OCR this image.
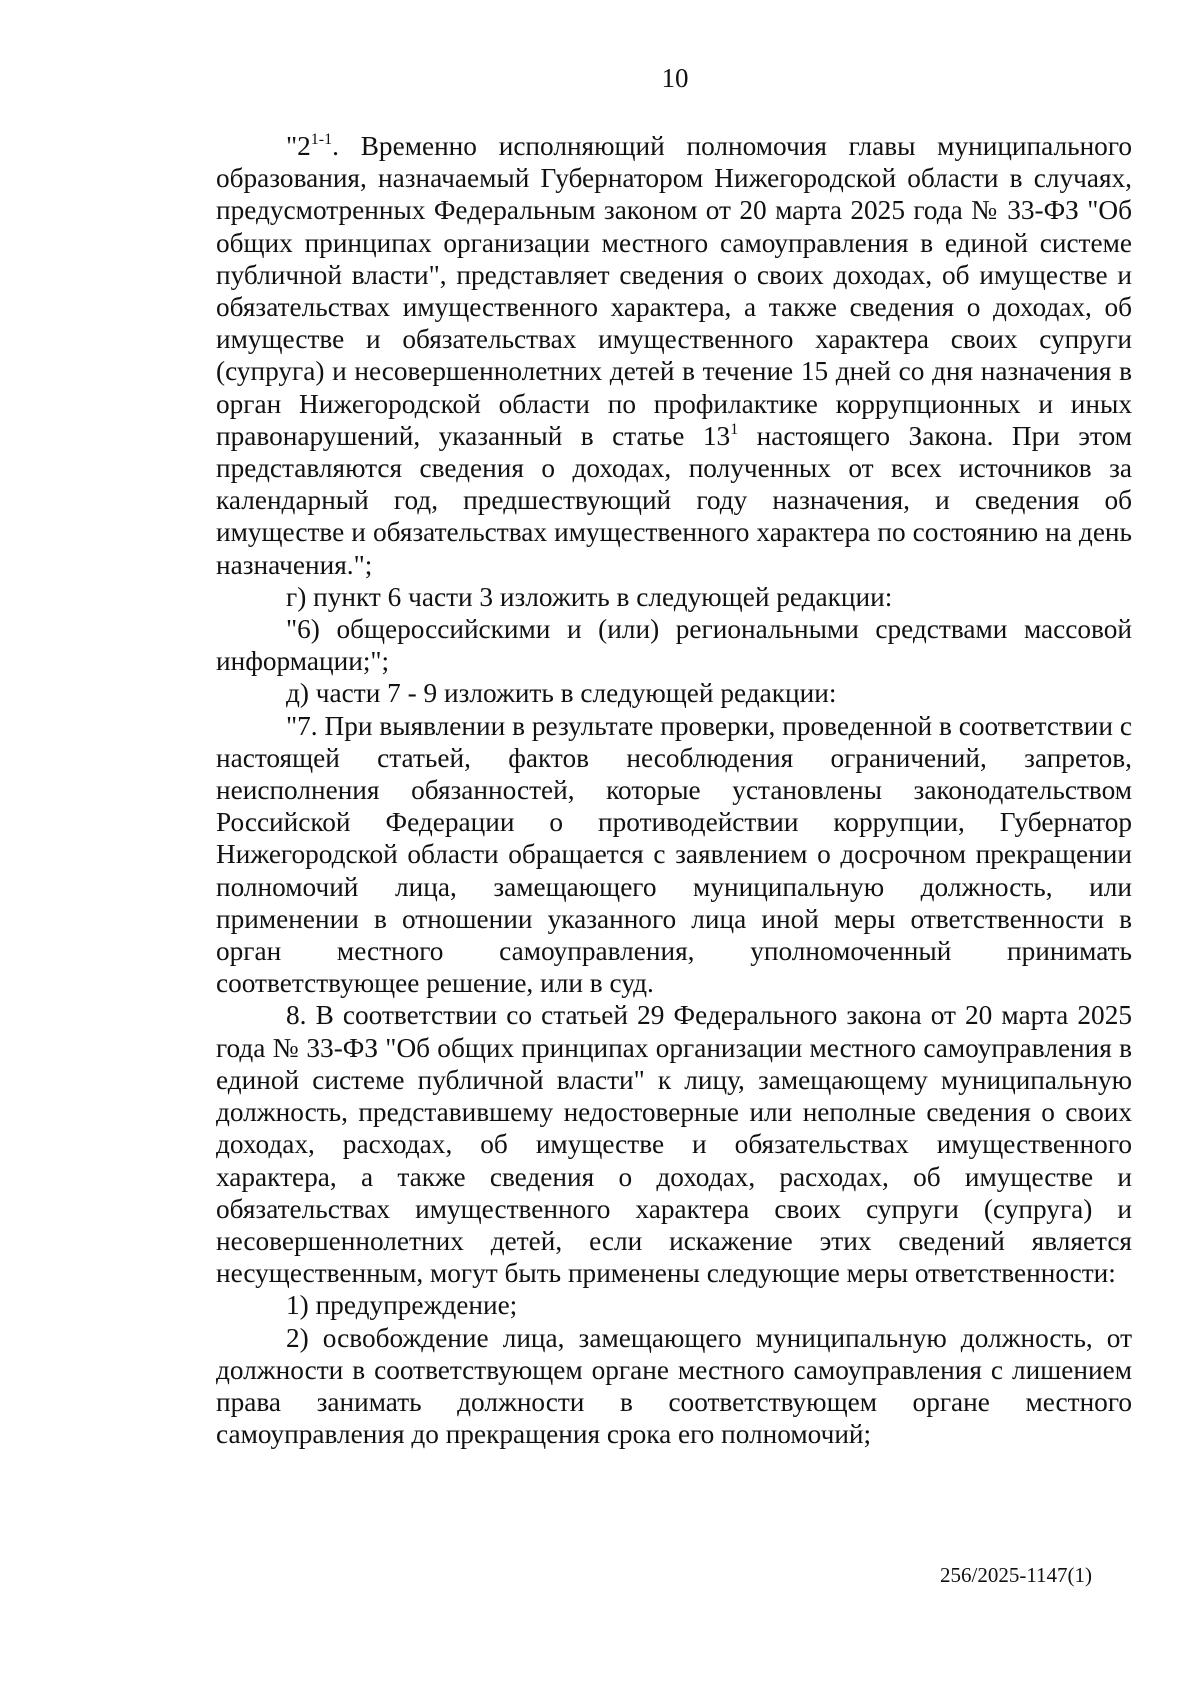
10

"2$^{1-1}$. Временно исполняющий полномочия главы муниципального образования, назначаемый Губернатором Нижегородской области в случаях, предусмотренных Федеральным законом от 20 марта 2025 года № 33-ФЗ "Об общих принципах организации местного самоуправления в единой системе публичной власти", представляет сведения о своих доходах, об имуществе и обязательствах имущественного характера, а также сведения о доходах, об имуществе и обязательствах имущественного характера своих супруги (супруга) и несовершеннолетних детей в течение 15 дней со дня назначения в орган Нижегородской области по профилактике коррупционных и иных правонарушений, указанный в статье $13^1$ настоящего Закона. При этом представляются сведения о доходах, полученных от всех источников за календарный год, предшествующий году назначения, и сведения об имуществе и обязательствах имущественного характера по состоянию на день назначения.";

г) пункт 6 части 3 изложить в следующей редакции:

"6) общероссийскими и (или) региональными средствами массовой информации;";

д) части 7 - 9 изложить в следующей редакции:

"7. При выявлении в результате проверки, проведенной в соответствии с настоящей статьей, фактов несоблюдения ограничений, запретов, неисполнения обязанностей, которые установлены законодательством Российской Федерации о противодействии коррупции, Губернатор Нижегородской области обращается с заявлением о досрочном прекращении полномочий лица, замещающего муниципальную должность, или применении в отношении указанного лица иной меры ответственности в орган местного самоуправления, уполномоченный принимать соответствующее решение, или в суд.

8. В соответствии со статьей 29 Федерального закона от 20 марта 2025 года № 33-ФЗ "Об общих принципах организации местного самоуправления в единой системе публичной власти" к лицу, замещающему муниципальную должность, представившему недостоверные или неполные сведения о своих доходах, расходах, об имуществе и обязательствах имущественного характера, а также сведения о доходах, расходах, об имуществе и обязательствах имущественного характера своих супруги (супруга) и несовершеннолетних детей, если искажение этих сведений является несущественным, могут быть применены следующие меры ответственности:

1) предупреждение;

2) освобождение лица, замещающего муниципальную должность, от должности в соответствующем органе местного самоуправления с лишением права занимать должности в соответствующем органе местного самоуправления до прекращения срока его полномочий;

256/2025-1147(1)
